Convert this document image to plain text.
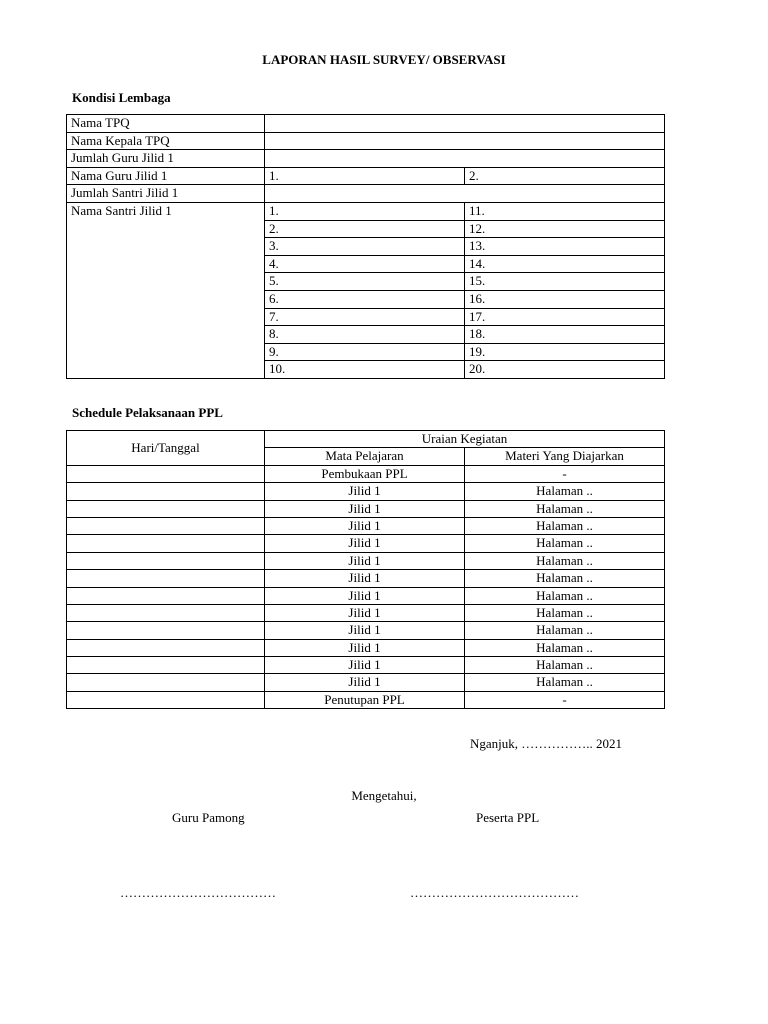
LAPORAN HASIL SURVEY/ OBSERVASI
Kondisi Lembaga
Nama TPQ		
Nama Kepala TPQ		
Jumlah Guru Jilid 1		
Nama Guru Jilid 1	1.	2.
Jumlah Santri Jilid 1		
Nama Santri Jilid 1	1.	11.
	2.	12.
	3.	13.
	4.	14.
	5.	15.
	6.	16.
	7.	17.
	8.	18.
	9.	19.
	10.	20.
Schedule Pelaksanaan PPL
Hari/Tanggal	Uraian Kegiatan	
	Mata Pelajaran	Materi Yang Diajarkan
	Pembukaan PPL	-
	Jilid 1	Halaman ..
	Jilid 1	Halaman ..
	Jilid 1	Halaman ..
	Jilid 1	Halaman ..
	Jilid 1	Halaman ..
	Jilid 1	Halaman ..
	Jilid 1	Halaman ..
	Jilid 1	Halaman ..
	Jilid 1	Halaman ..
	Jilid 1	Halaman ..
	Jilid 1	Halaman ..
	Jilid 1	Halaman ..
	Penutupan PPL	-
Nganjuk, …………….. 2021
Mengetahui,
Guru Pamong	Peserta PPL
………………………………	…………………………………
